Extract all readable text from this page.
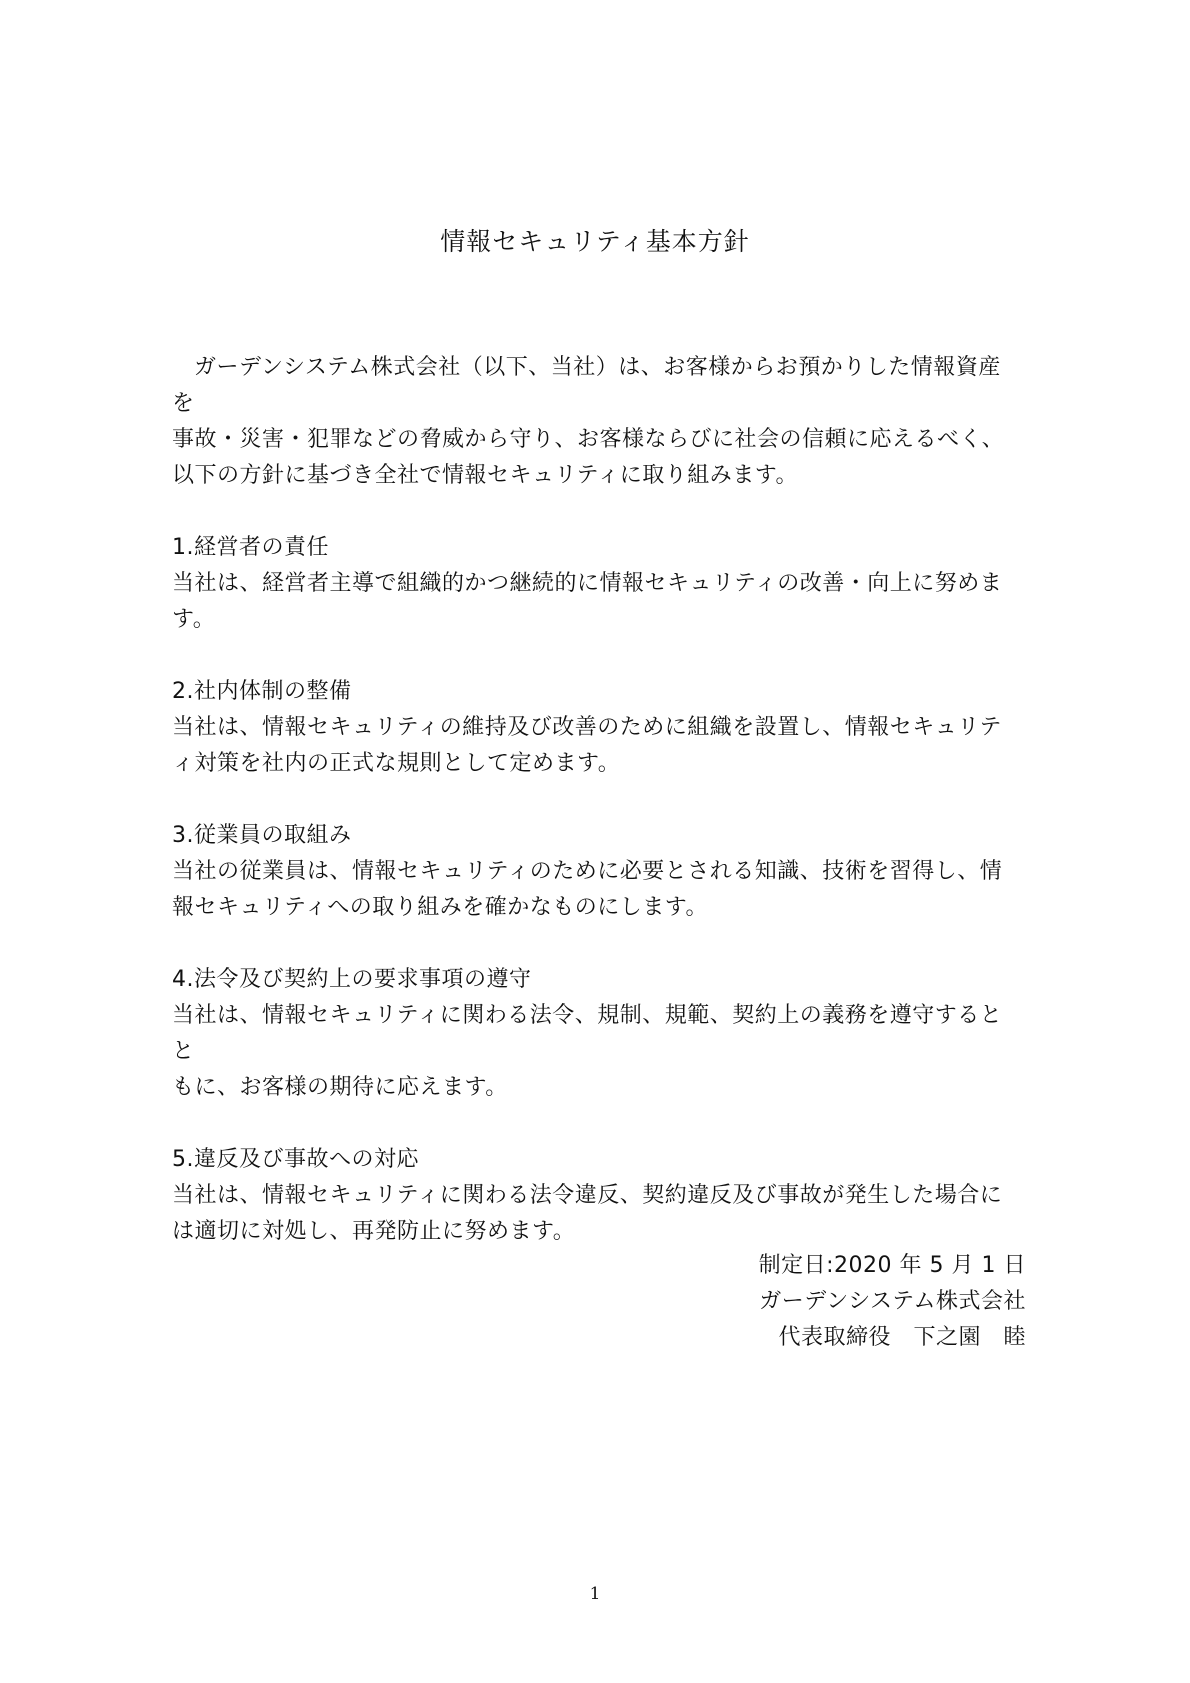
情報セキュリティ基本方針

ガーデンシステム株式会社（以下、当社）は、お客様からお預かりした情報資産を
事故・災害・犯罪などの脅威から守り、お客様ならびに社会の信頼に応えるべく、
以下の方針に基づき全社で情報セキュリティに取り組みます。

1.経営者の責任

当社は、経営者主導で組織的かつ継続的に情報セキュリティの改善・向上に努めま
す。

2.社内体制の整備

当社は、情報セキュリティの維持及び改善のために組織を設置し、情報セキュリテ
ィ対策を社内の正式な規則として定めます。

3.従業員の取組み

当社の従業員は、情報セキュリティのために必要とされる知識、技術を習得し、情
報セキュリティへの取り組みを確かなものにします。

4.法令及び契約上の要求事項の遵守

当社は、情報セキュリティに関わる法令、規制、規範、契約上の義務を遵守するとと
もに、お客様の期待に応えます。

5.違反及び事故への対応

当社は、情報セキュリティに関わる法令違反、契約違反及び事故が発生した場合に
は適切に対処し、再発防止に努めます。

制定日:2020 年 5 月 1 日
ガーデンシステム株式会社
代表取締役　下之園　睦
1
